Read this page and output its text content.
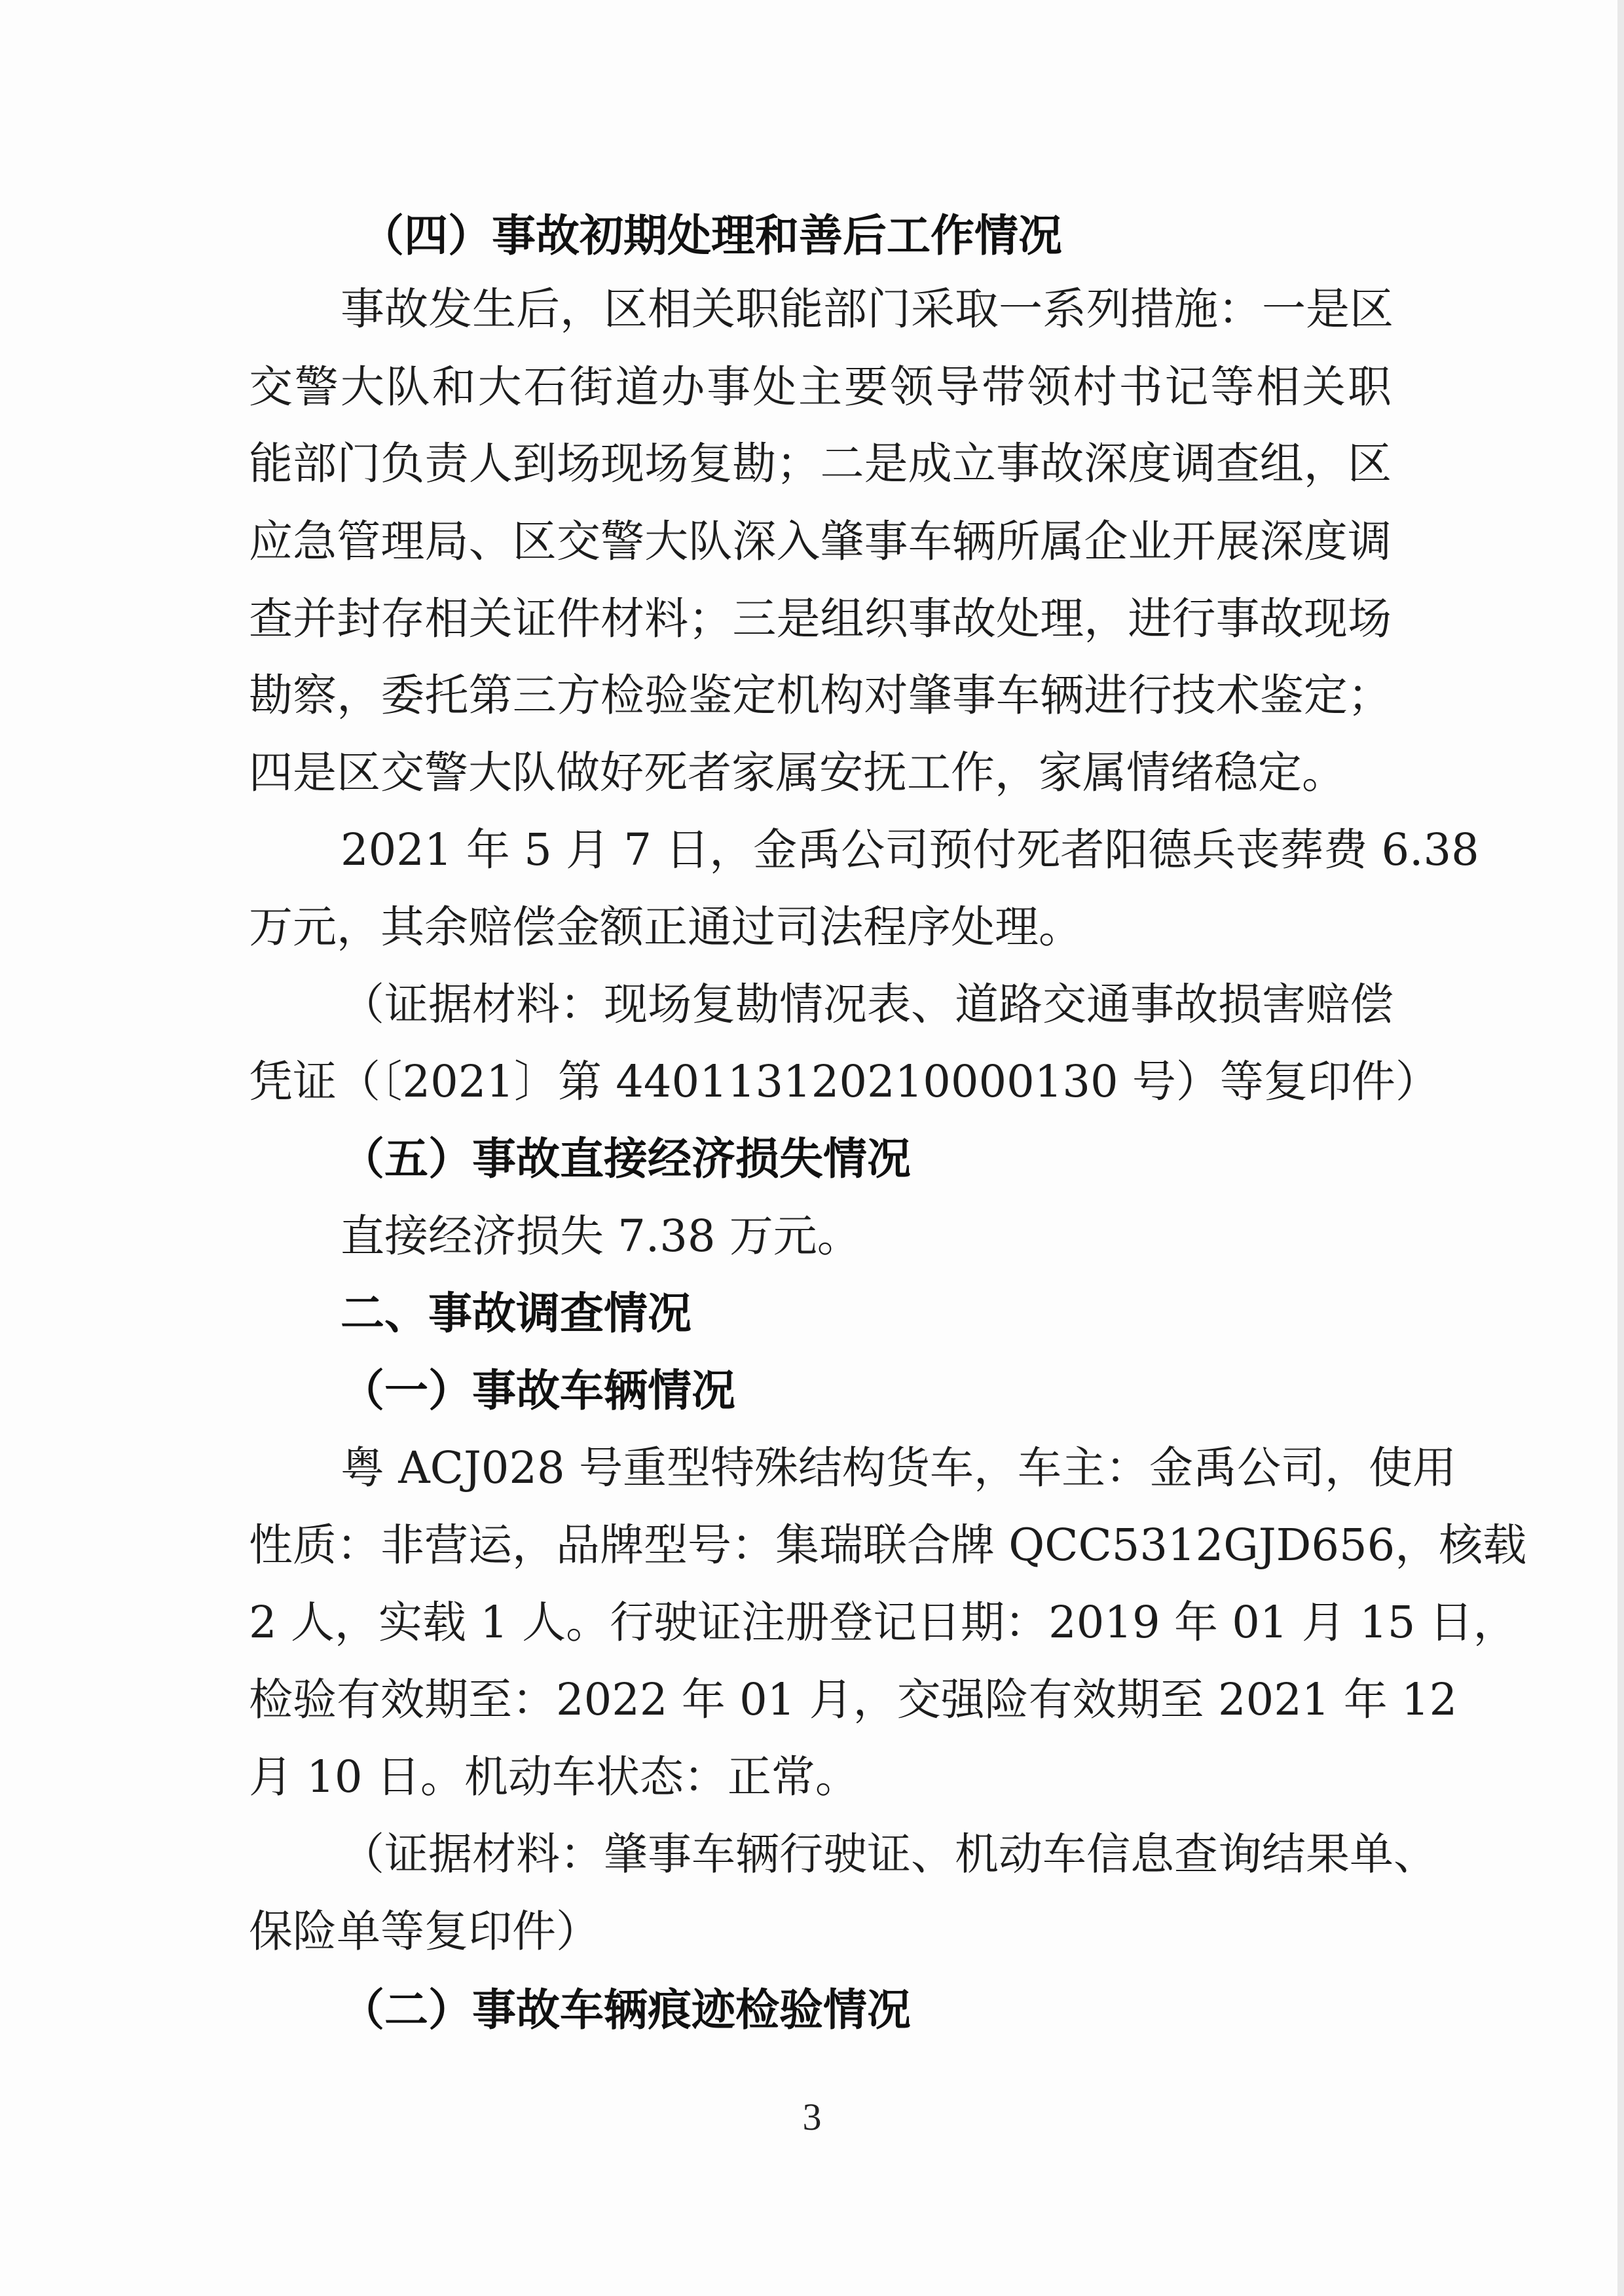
（四）事故初期处理和善后工作情况
事故发生后，区相关职能部门采取一系列措施：一是区
交警大队和大石街道办事处主要领导带领村书记等相关职
能部门负责人到场现场复勘；二是成立事故深度调查组，区
应急管理局、区交警大队深入肇事车辆所属企业开展深度调
查并封存相关证件材料；三是组织事故处理，进行事故现场
勘察，委托第三方检验鉴定机构对肇事车辆进行技术鉴定；
四是区交警大队做好死者家属安抚工作，家属情绪稳定。
2021 年 5 月 7 日，金禹公司预付死者阳德兵丧葬费 6.38
万元，其余赔偿金额正通过司法程序处理。
（证据材料：现场复勘情况表、道路交通事故损害赔偿
凭证（〔2021〕第 440113120210000130 号）等复印件）
（五）事故直接经济损失情况
直接经济损失 7.38 万元。
二、事故调查情况
（一）事故车辆情况
粤 ACJ028 号重型特殊结构货车，车主：金禹公司，使用
性质：非营运，品牌型号：集瑞联合牌 QCC5312GJD656，核载
2 人，实载 1 人。行驶证注册登记日期：2019 年 01 月 15 日，
检验有效期至：2022 年 01 月，交强险有效期至 2021 年 12
月 10 日。机动车状态：正常。
（证据材料：肇事车辆行驶证、机动车信息查询结果单、
保险单等复印件）
（二）事故车辆痕迹检验情况
3
